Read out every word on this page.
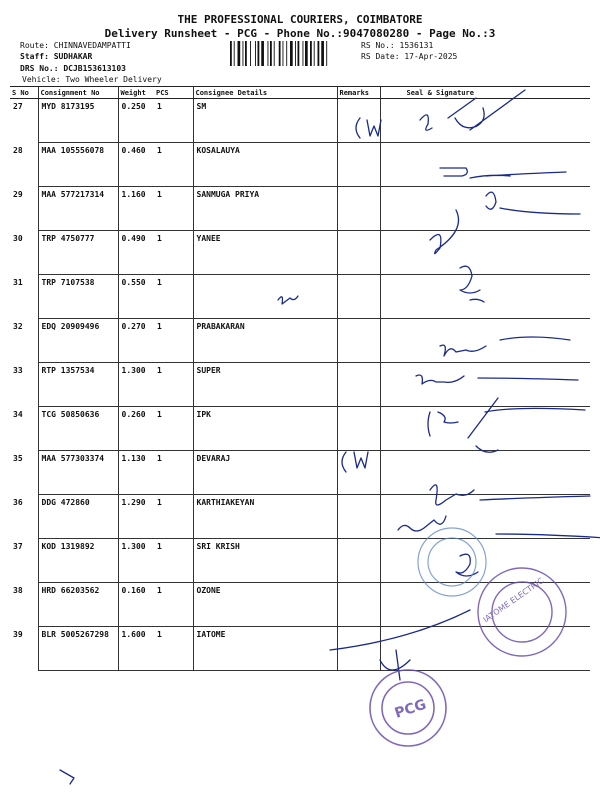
THE PROFESSIONAL COURIERS, COIMBATORE
Delivery Runsheet - PCG - Phone No.:9047080280 - Page No.:3
Route: CHINNAVEDAMPATTI
Staff: SUDHAKAR
DRS No.: DCJB153613103
Vehicle: Two Wheeler Delivery
RS No.: 1536131
RS Date: 17-Apr-2025
S No	Consignment No	Weight	PCS	Consignee Details	Remarks	Seal & Signature
27	MYD 8173195	0.250	1	SM		
28	MAA 105556078	0.460	1	KOSALAUYA		
29	MAA 577217314	1.160	1	SANMUGA PRIYA		
30	TRP 4750777	0.490	1	YANEE		
31	TRP 7107538	0.550	1			
32	EDQ 20909496	0.270	1	PRABAKARAN		
33	RTP 1357534	1.300	1	SUPER		
34	TCG 50850636	0.260	1	IPK		
35	MAA 577303374	1.130	1	DEVARAJ		
36	DDG 472860	1.290	1	KARTHIAKEYAN		
37	KOD 1319892	1.300	1	SRI KRISH		
38	HRD 66203562	0.160	1	OZONE		
39	BLR 5005267298	1.600	1	IATOME		
IATOME ELECTRIC
PCG
